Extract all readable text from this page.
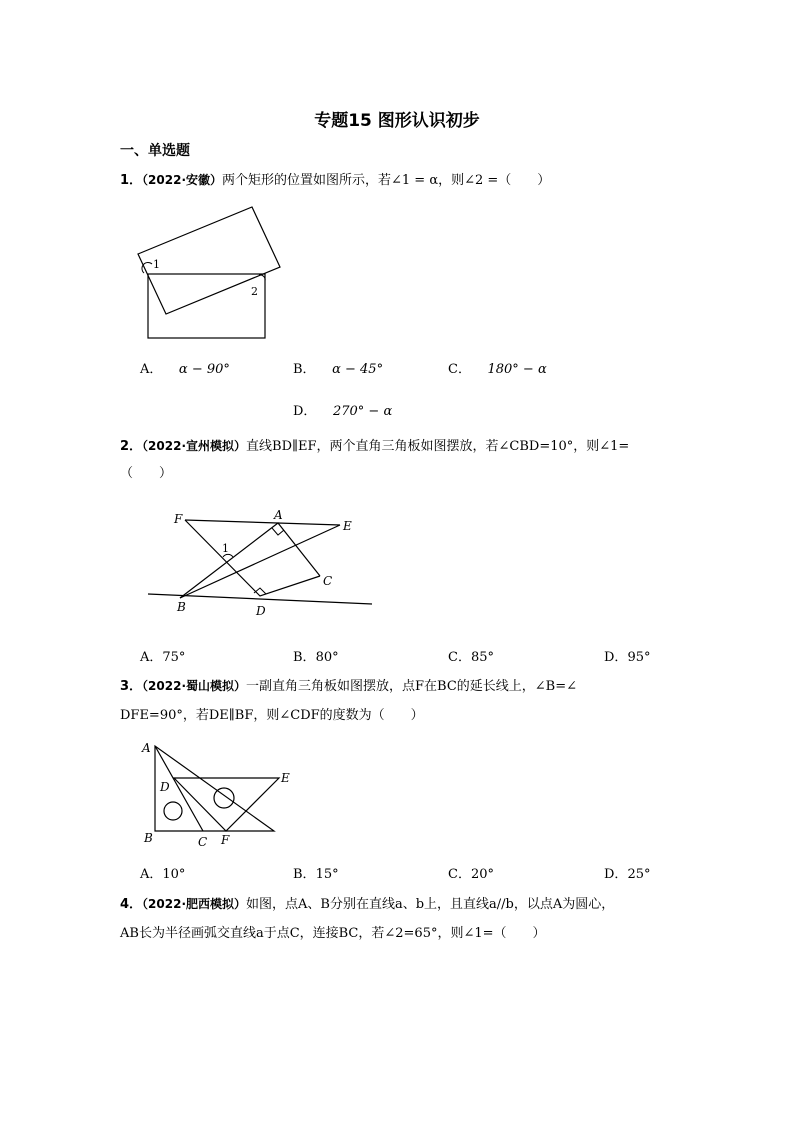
专题15 图形认识初步
一、单选题
1．（2022·安徽）两个矩形的位置如图所示，若∠1 = α，则∠2 =（　　）
1
2
A． α − 90°	B． α − 45°	C． 180° − α
D． 270° − α
2．（2022·宣州模拟）直线BD∥EF，两个直角三角板如图摆放，若∠CBD=10°，则∠1=
（　　）
F	A
E
1
C
B	D
A．75°	B．80°	C．85°	D．95°
3．（2022·蜀山模拟）一副直角三角板如图摆放，点F在BC的延长线上，∠B=∠
DFE=90°，若DE∥BF，则∠CDF的度数为（　　）
A
D
E
B	C F
A．10°	B．15°	C．20°	D．25°
4．（2022·肥西模拟）如图，点A、B分别在直线a、b上，且直线a//b，以点A为圆心，
AB长为半径画弧交直线a于点C，连接BC，若∠2=65°，则∠1=（　　）
